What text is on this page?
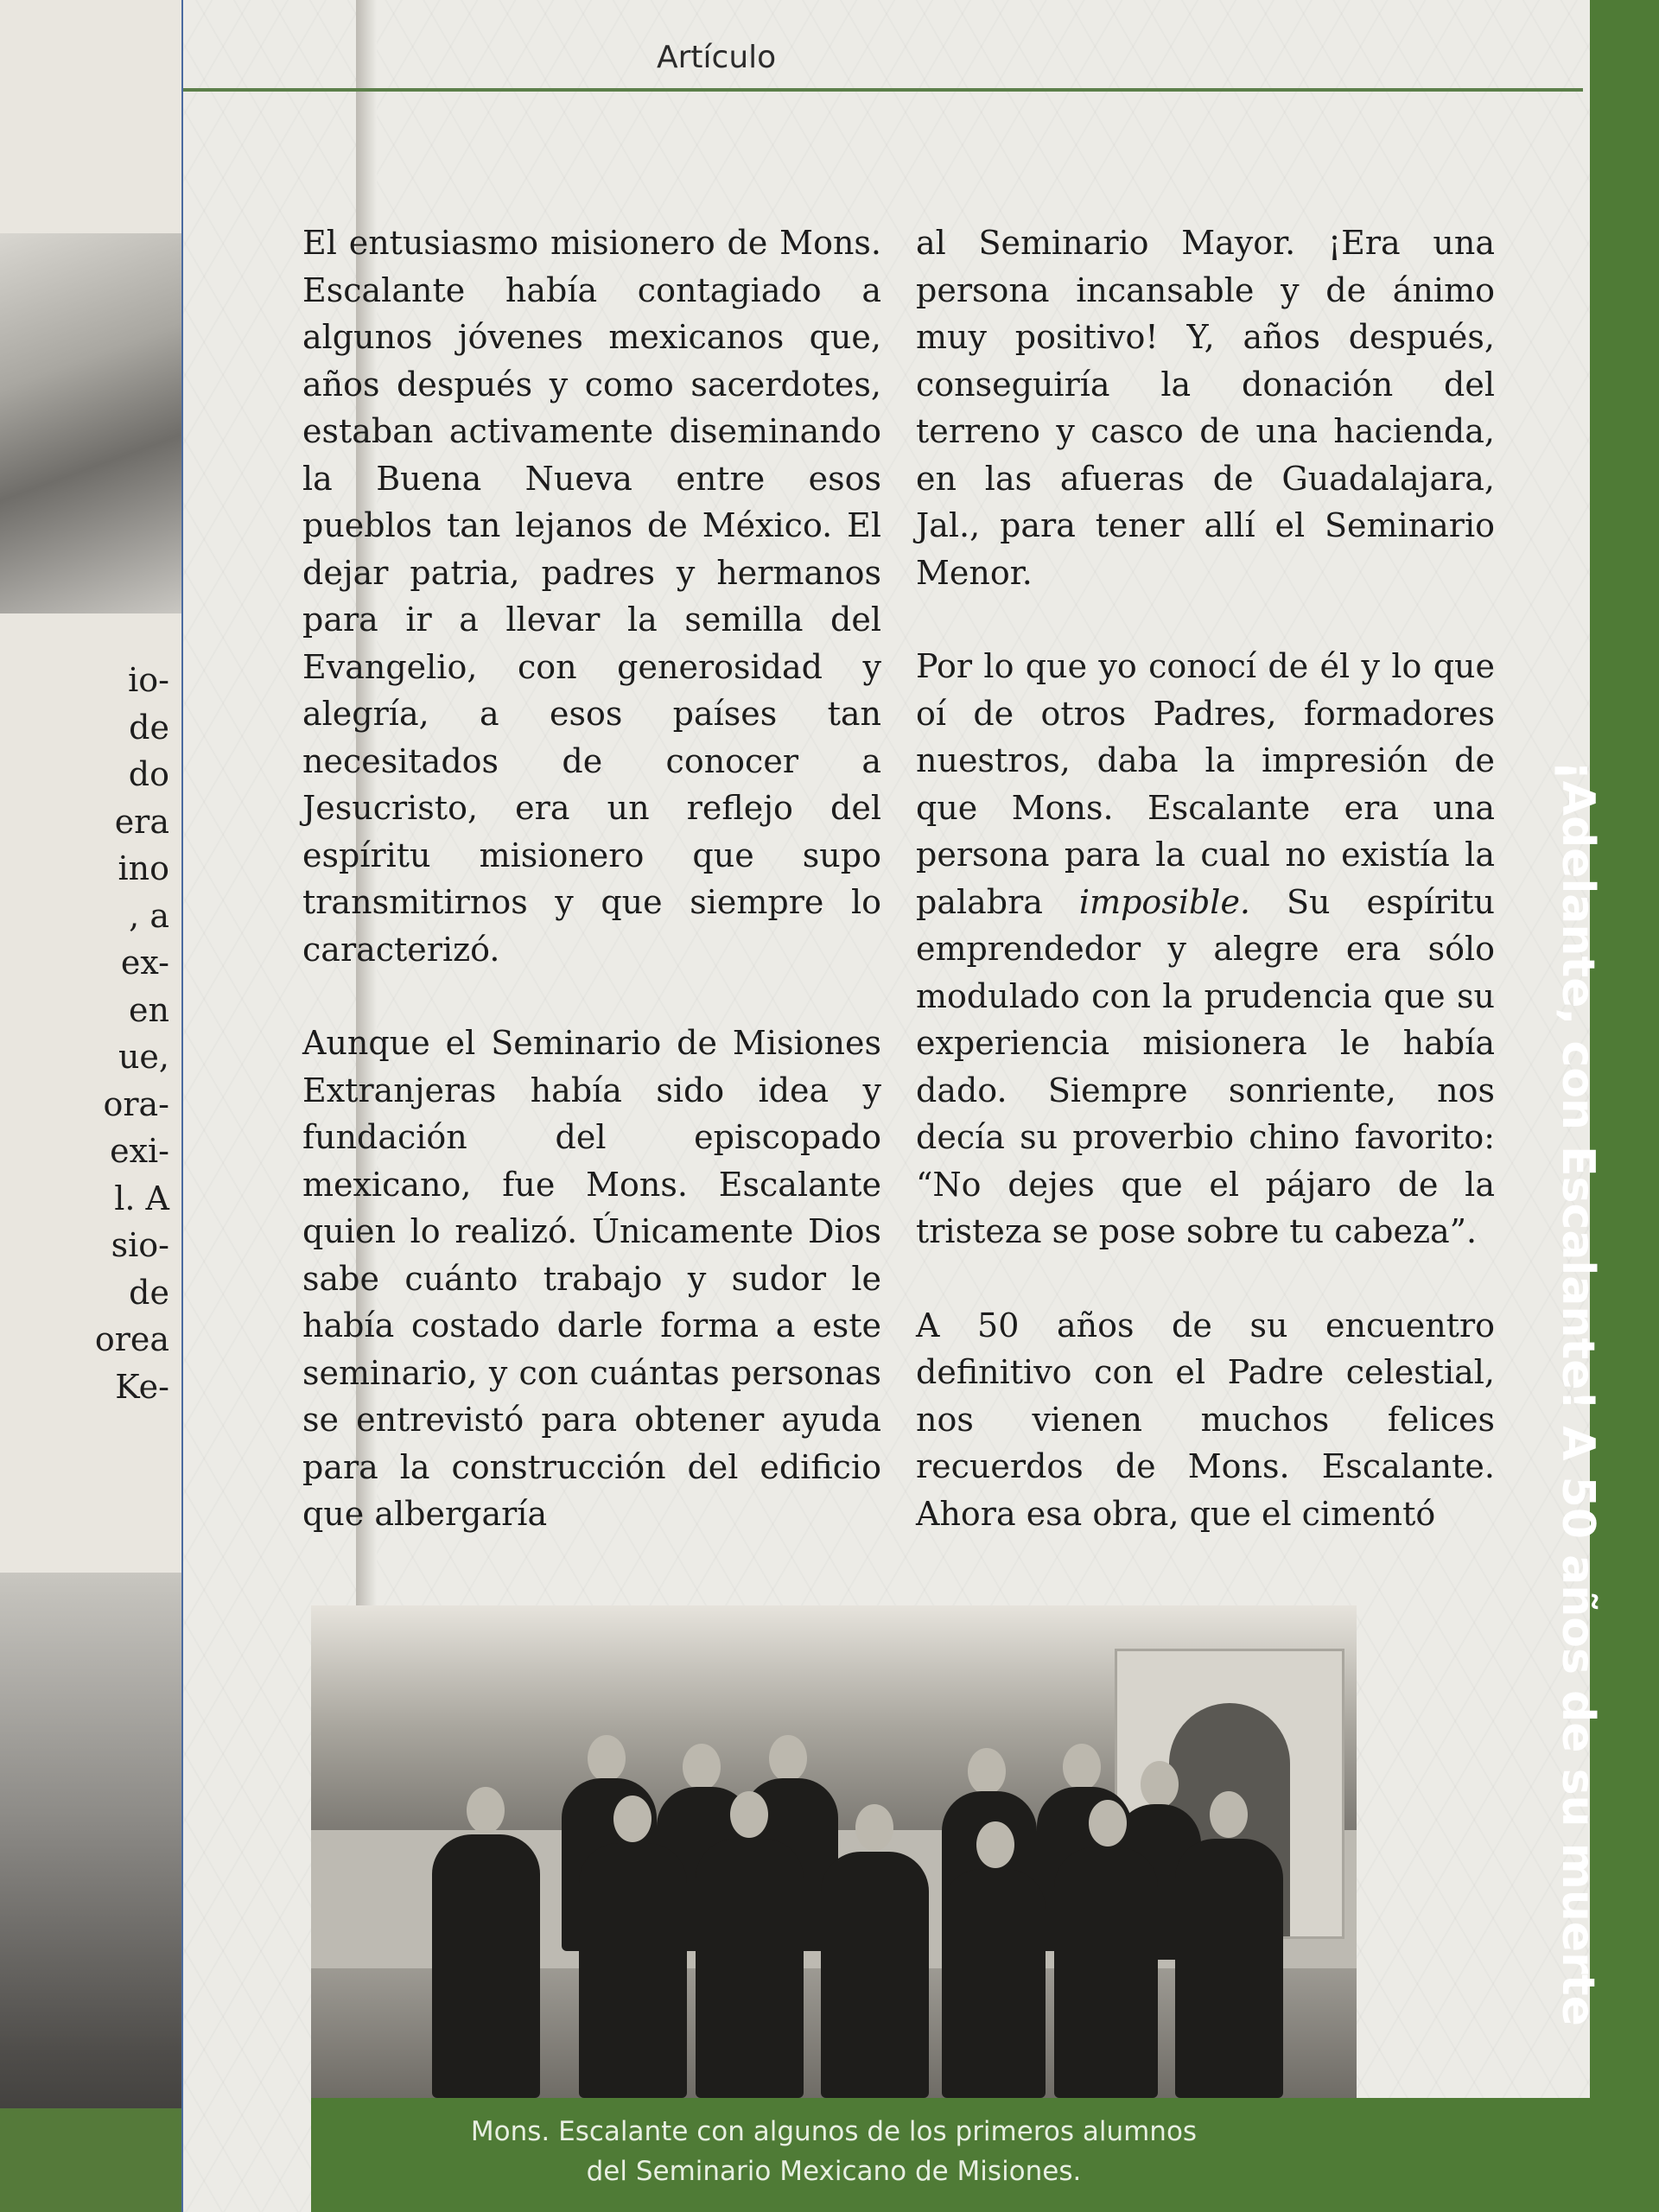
io-
de
do
era
ino
, a
ex-
en
ue,
ora-
exi-
l. A
sio-
de
orea
Ke-
Artículo

El entusiasmo misionero de Mons. Escalante había contagiado a algunos jóvenes mexicanos que, años después y como sacerdotes, estaban activamente diseminando la Buena Nueva entre esos pueblos tan lejanos de México. El dejar patria, padres y hermanos para ir a llevar la semilla del Evangelio, con generosidad y alegría, a esos países tan necesitados de conocer a Jesucristo, era un reflejo del espíritu misionero que supo transmitirnos y que siempre lo caracterizó.

Aunque el Seminario de Misiones Extranjeras había sido idea y fundación del episcopado mexicano, fue Mons. Escalante quien lo realizó. Únicamente Dios sabe cuánto trabajo y sudor le había costado darle forma a este seminario, y con cuántas personas se entrevistó para obtener ayuda para la construcción del edificio que albergaría

al Seminario Mayor. ¡Era una persona incansable y de ánimo muy positivo! Y, años después, conseguiría la donación del terreno y casco de una hacienda, en las afueras de Guadalajara, Jal., para tener allí el Seminario Menor.

Por lo que yo conocí de él y lo que oí de otros Padres, formadores nuestros, daba la impresión de que Mons. Escalante era una persona para la cual no existía la palabra imposible. Su espíritu emprendedor y alegre era sólo modulado con la prudencia que su experiencia misionera le había dado. Siempre sonriente, nos decía su proverbio chino favorito: “No dejes que el pájaro de la tristeza se pose sobre tu cabeza”.

A 50 años de su encuentro definitivo con el Padre celestial, nos vienen muchos felices recuerdos de Mons. Escalante. Ahora esa obra, que el cimentó	¡Adelante, con Escalante! A 50 años de su muerte
Mons. Escalante con algunos de los primeros alumnos
del Seminario Mexicano de Misiones.
